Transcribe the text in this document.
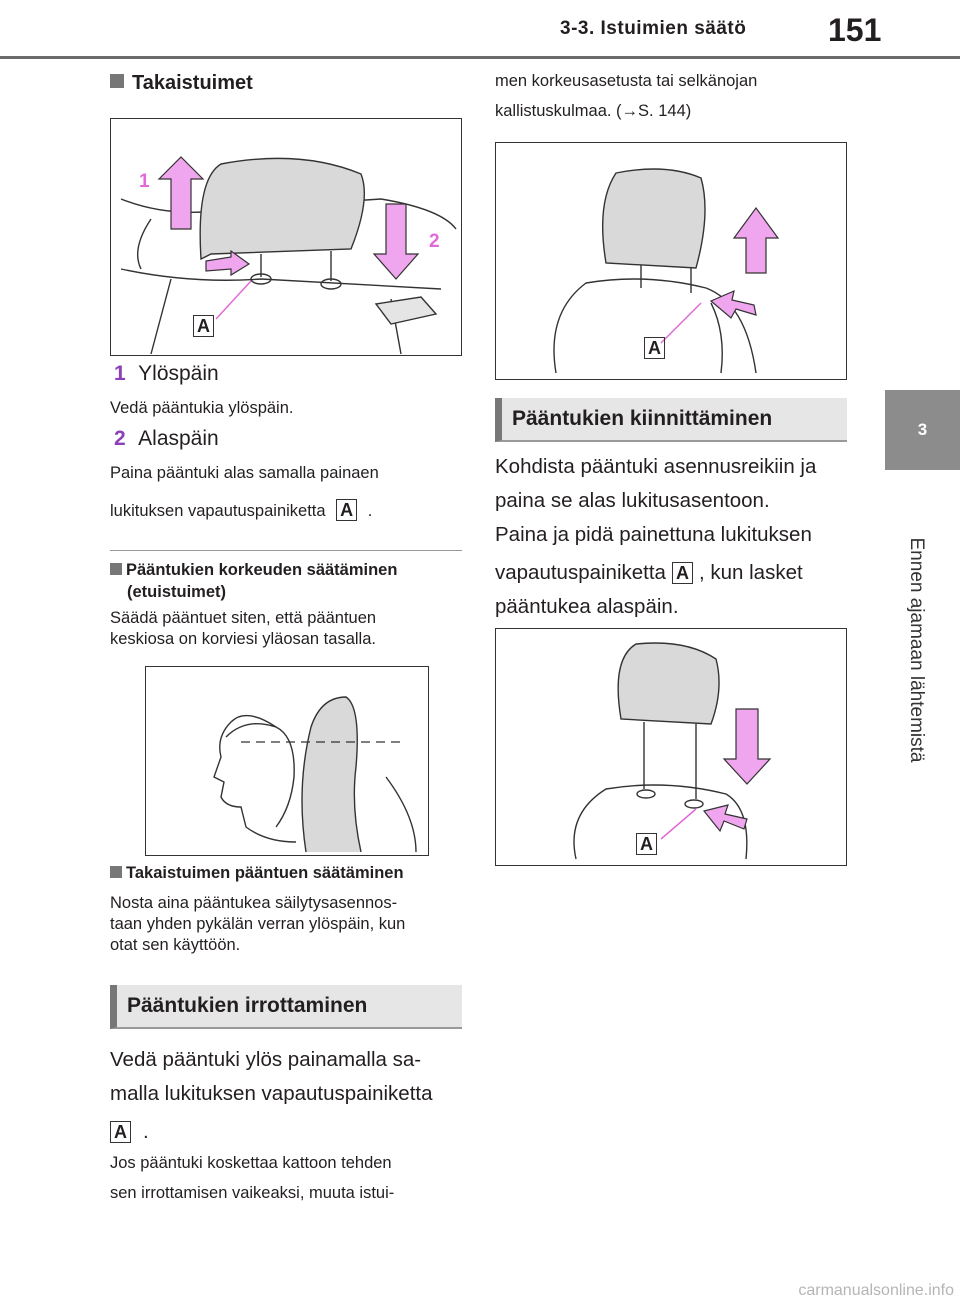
3-3. Istuimien säätö	151
3
Ennen ajamaan lähtemistä
Takaistuimet
1
2
A
1 Ylöspäin
Vedä pääntukia ylöspäin.
2 Alaspäin
Paina pääntuki alas samalla painaen
lukituksen vapautuspainiketta A .
Pääntukien korkeuden säätäminen
(etuistuimet)
Säädä pääntuet siten, että pääntuen
keskiosa on korviesi yläosan tasalla.
Takaistuimen pääntuen säätäminen
Nosta aina pääntukea säilytysasennos-
taan yhden pykälän verran ylöspäin, kun
otat sen käyttöön.
Pääntukien irrottaminen
Vedä pääntuki ylös painamalla sa-
malla lukituksen vapautuspainiketta
A .
Jos pääntuki koskettaa kattoon tehden
sen irrottamisen vaikeaksi, muuta istui-
men korkeusasetusta tai selkänojan
kallistuskulmaa. (→S. 144)
A
Pääntukien kiinnittäminen
Kohdista pääntuki asennusreikiin ja
paina se alas lukitusasentoon.
Paina ja pidä painettuna lukituksen
vapautuspainiketta A , kun lasket
pääntukea alaspäin.
A
carmanualsonline.info
